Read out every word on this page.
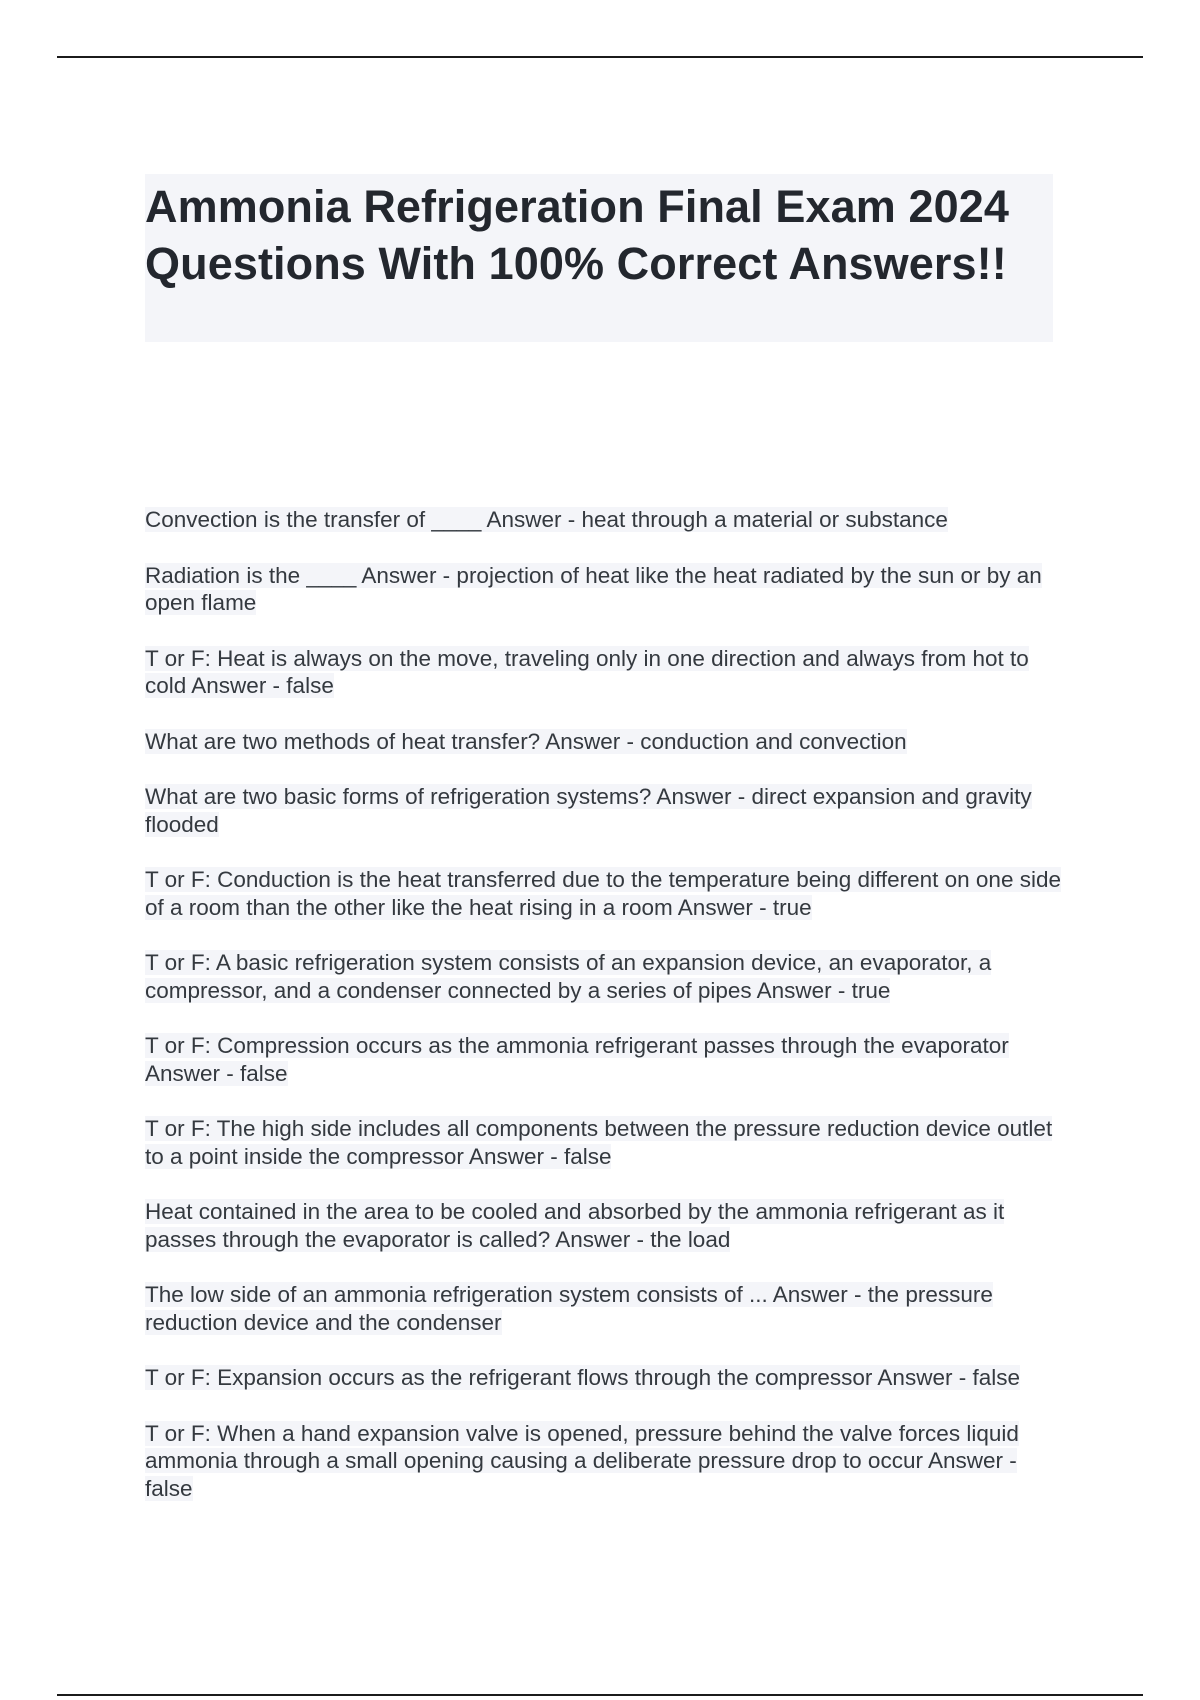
Ammonia Refrigeration Final Exam 2024 Questions With 100% Correct Answers!!
Convection is the transfer of ____ Answer - heat through a material or substance
Radiation is the ____ Answer - projection of heat like the heat radiated by the sun or by an open flame
T or F: Heat is always on the move, traveling only in one direction and always from hot to cold Answer - false
What are two methods of heat transfer? Answer - conduction and convection
What are two basic forms of refrigeration systems? Answer - direct expansion and gravity flooded
T or F: Conduction is the heat transferred due to the temperature being different on one side of a room than the other like the heat rising in a room Answer - true
T or F: A basic refrigeration system consists of an expansion device, an evaporator, a compressor, and a condenser connected by a series of pipes Answer - true
T or F: Compression occurs as the ammonia refrigerant passes through the evaporator Answer - false
T or F: The high side includes all components between the pressure reduction device outlet to a point inside the compressor Answer - false
Heat contained in the area to be cooled and absorbed by the ammonia refrigerant as it passes through the evaporator is called? Answer - the load
The low side of an ammonia refrigeration system consists of ... Answer - the pressure reduction device and the condenser
T or F: Expansion occurs as the refrigerant flows through the compressor Answer - false
T or F: When a hand expansion valve is opened, pressure behind the valve forces liquid ammonia through a small opening causing a deliberate pressure drop to occur Answer - false
